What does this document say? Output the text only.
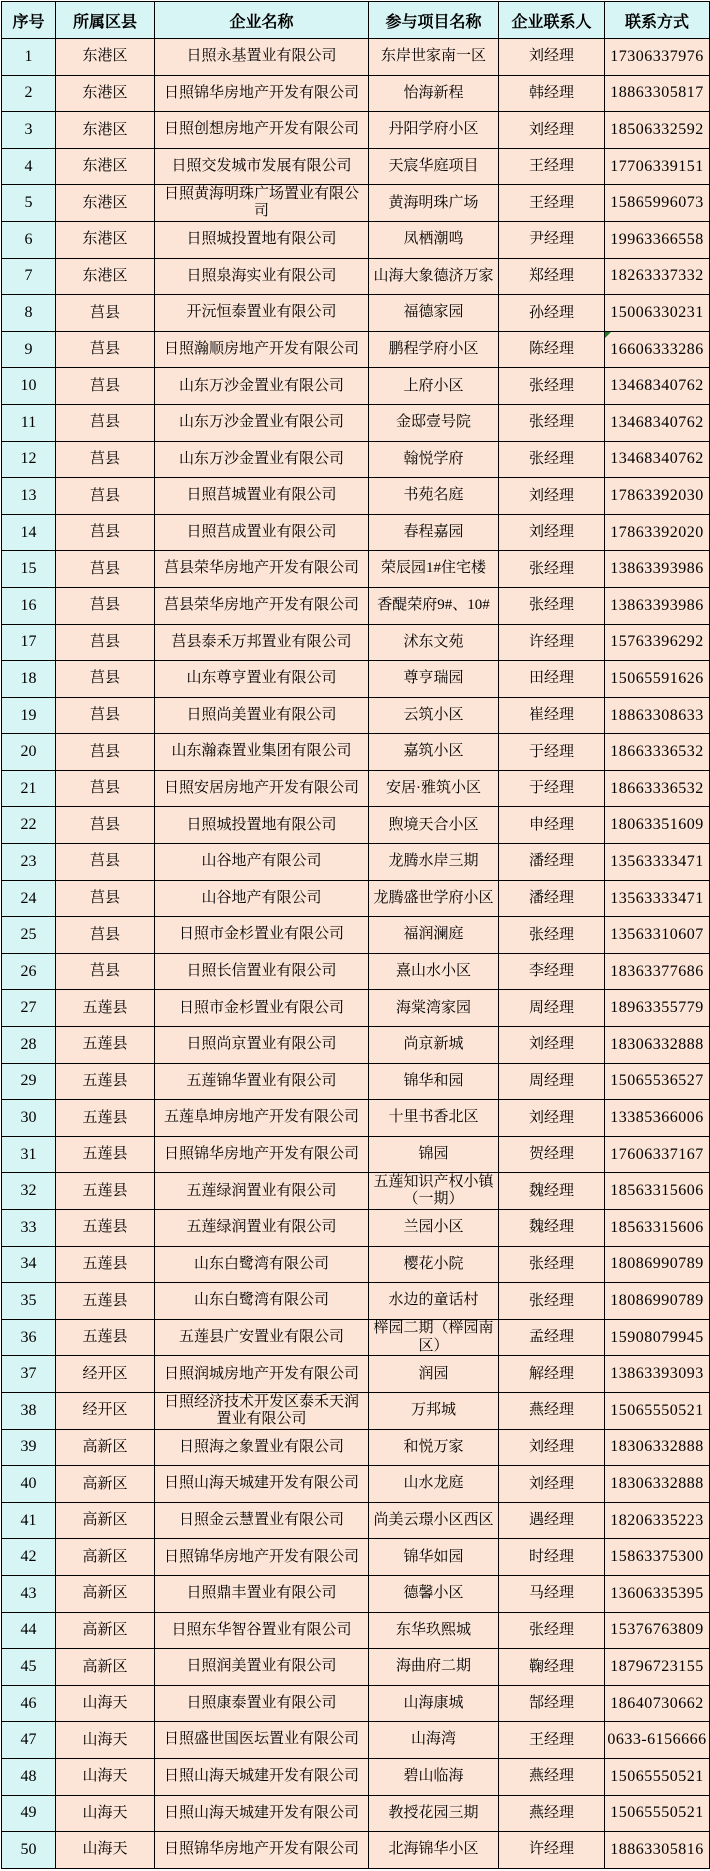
序号	所属区县	企业名称	参与项目名称	企业联系人	联系方式
1	东港区	日照永基置业有限公司	东岸世家南一区	刘经理	17306337976
2	东港区	日照锦华房地产开发有限公司	怡海新程	韩经理	18863305817
3	东港区	日照创想房地产开发有限公司	丹阳学府小区	刘经理	18506332592
4	东港区	日照交发城市发展有限公司	天宸华庭项目	王经理	17706339151
5	东港区	日照黄海明珠广场置业有限公司	黄海明珠广场	王经理	15865996073
6	东港区	日照城投置地有限公司	凤栖潮鸣	尹经理	19963366558
7	东港区	日照泉海实业有限公司	山海大象德济万家	郑经理	18263337332
8	莒县	开沅恒泰置业有限公司	福德家园	孙经理	15006330231
9	莒县	日照瀚顺房地产开发有限公司	鹏程学府小区	陈经理	16606333286
10	莒县	山东万沙金置业有限公司	上府小区	张经理	13468340762
11	莒县	山东万沙金置业有限公司	金邸壹号院	张经理	13468340762
12	莒县	山东万沙金置业有限公司	翰悦学府	张经理	13468340762
13	莒县	日照莒城置业有限公司	书苑名庭	刘经理	17863392030
14	莒县	日照莒成置业有限公司	春程嘉园	刘经理	17863392020
15	莒县	莒县荣华房地产开发有限公司	荣辰园1#住宅楼	张经理	13863393986
16	莒县	莒县荣华房地产开发有限公司	香醍荣府9#、10#	张经理	13863393986
17	莒县	莒县泰禾万邦置业有限公司	沭东文苑	许经理	15763396292
18	莒县	山东尊亨置业有限公司	尊亨瑞园	田经理	15065591626
19	莒县	日照尚美置业有限公司	云筑小区	崔经理	18863308633
20	莒县	山东瀚森置业集团有限公司	嘉筑小区	于经理	18663336532
21	莒县	日照安居房地产开发有限公司	安居·雅筑小区	于经理	18663336532
22	莒县	日照城投置地有限公司	煦境天合小区	申经理	18063351609
23	莒县	山谷地产有限公司	龙腾水岸三期	潘经理	13563333471
24	莒县	山谷地产有限公司	龙腾盛世学府小区	潘经理	13563333471
25	莒县	日照市金杉置业有限公司	福润澜庭	张经理	13563310607
26	莒县	日照长信置业有限公司	熹山水小区	李经理	18363377686
27	五莲县	日照市金杉置业有限公司	海棠湾家园	周经理	18963355779
28	五莲县	日照尚京置业有限公司	尚京新城	刘经理	18306332888
29	五莲县	五莲锦华置业有限公司	锦华和园	周经理	15065536527
30	五莲县	五莲阜坤房地产开发有限公司	十里书香北区	刘经理	13385366006
31	五莲县	日照锦华房地产开发有限公司	锦园	贺经理	17606337167
32	五莲县	五莲绿润置业有限公司	五莲知识产权小镇（一期）	魏经理	18563315606
33	五莲县	五莲绿润置业有限公司	兰园小区	魏经理	18563315606
34	五莲县	山东白鹭湾有限公司	樱花小院	张经理	18086990789
35	五莲县	山东白鹭湾有限公司	水边的童话村	张经理	18086990789
36	五莲县	五莲县广安置业有限公司	榉园二期（榉园南区）	孟经理	15908079945
37	经开区	日照润城房地产开发有限公司	润园	解经理	13863393093
38	经开区	日照经济技术开发区泰禾天润置业有限公司	万邦城	燕经理	15065550521
39	高新区	日照海之象置业有限公司	和悦万家	刘经理	18306332888
40	高新区	日照山海天城建开发有限公司	山水龙庭	刘经理	18306332888
41	高新区	日照金云慧置业有限公司	尚美云璟小区西区	遇经理	18206335223
42	高新区	日照锦华房地产开发有限公司	锦华如园	时经理	15863375300
43	高新区	日照鼎丰置业有限公司	德馨小区	马经理	13606335395
44	高新区	日照东华智谷置业有限公司	东华玖熙城	张经理	15376763809
45	高新区	日照润美置业有限公司	海曲府二期	鞠经理	18796723155
46	山海天	日照康泰置业有限公司	山海康城	郜经理	18640730662
47	山海天	日照盛世国医坛置业有限公司	山海湾	王经理	0633-6156666
48	山海天	日照山海天城建开发有限公司	碧山临海	燕经理	15065550521
49	山海天	日照山海天城建开发有限公司	教授花园三期	燕经理	15065550521
50	山海天	日照锦华房地产开发有限公司	北海锦华小区	许经理	18863305816
